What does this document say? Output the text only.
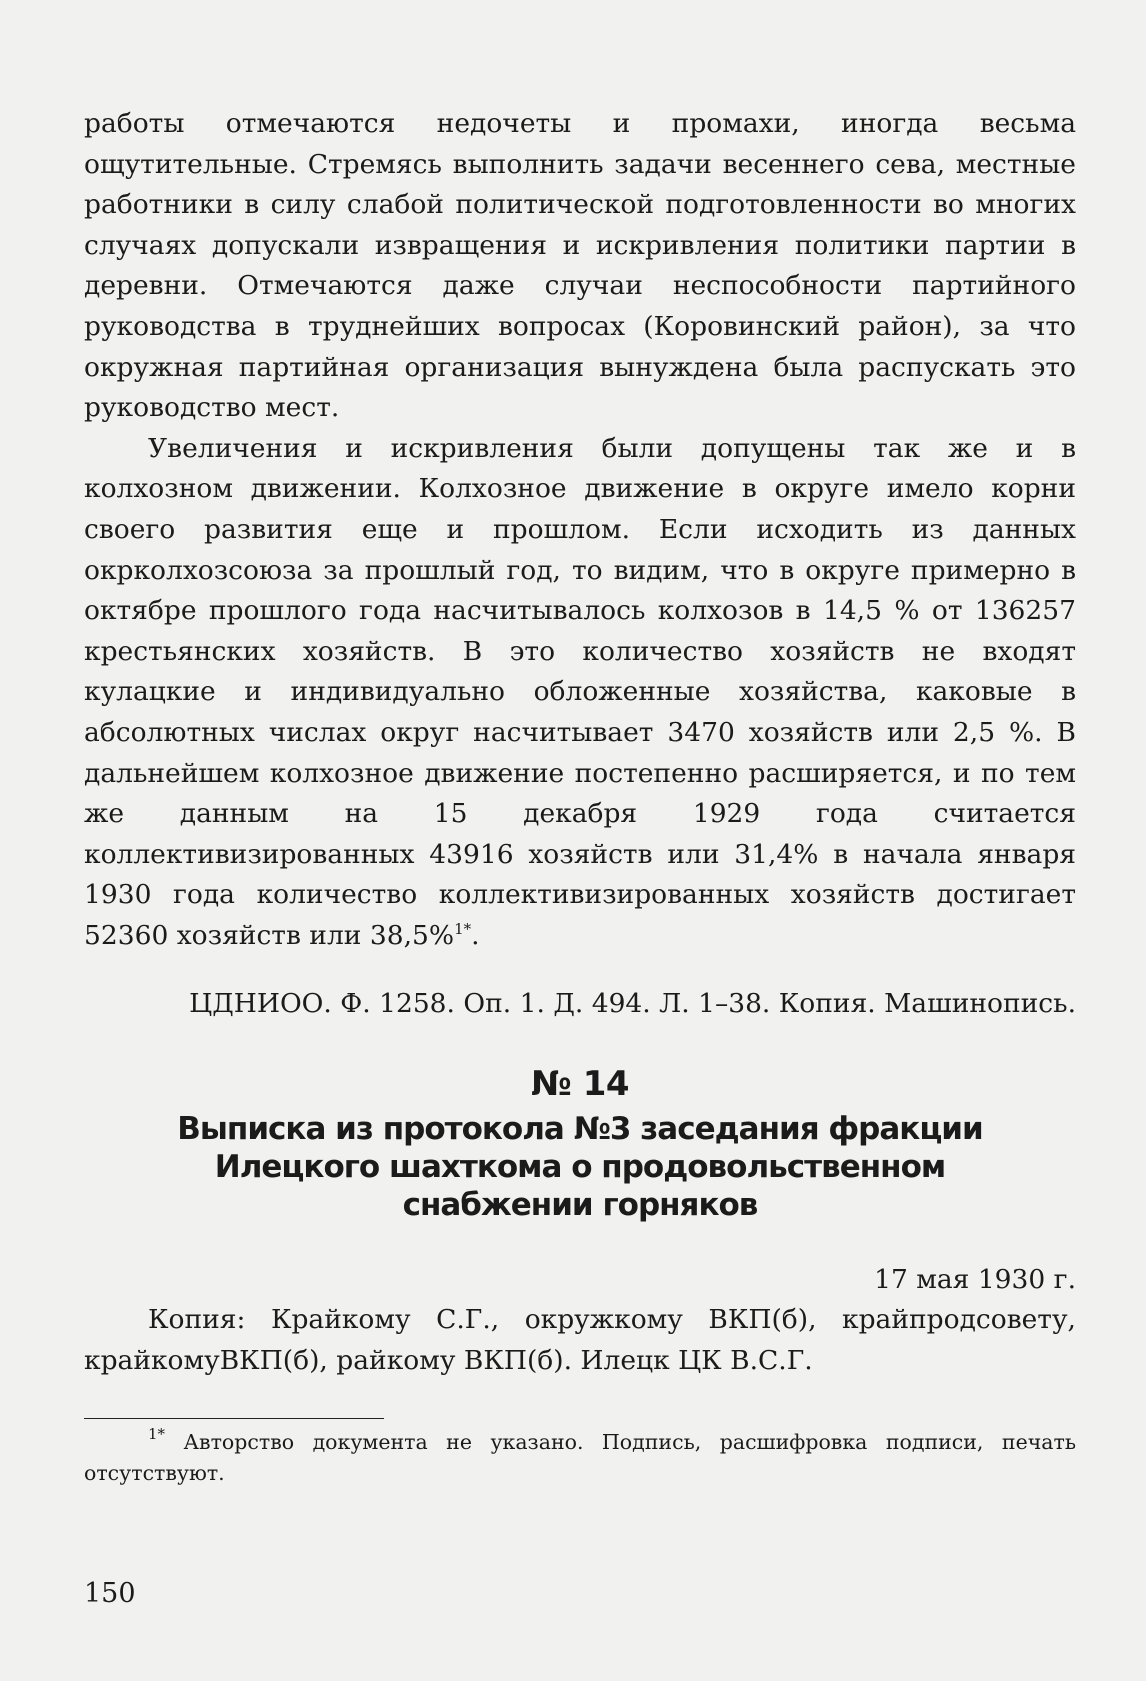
работы отмечаются недочеты и промахи, иногда весьма ощутительные. Стремясь выполнить задачи весеннего сева, местные работники в силу слабой политической подготовленности во многих случаях допускали извращения и искривления политики партии в деревни. Отмечаются даже случаи неспособности партийного руководства в труднейших вопросах (Коровинский район), за что окружная партийная организация вынуждена была распускать это руководство мест.

Увеличения и искривления были допущены так же и в колхозном движении. Колхозное движение в округе имело корни своего развития еще и прошлом. Если исходить из данных окрколхозсоюза за прошлый год, то видим, что в округе примерно в октябре прошлого года насчитывалось колхозов в 14,5 % от 136257 крестьянских хозяйств. В это количество хозяйств не входят кулацкие и индивидуально обложенные хозяйства, каковые в абсолютных числах округ насчитывает 3470 хозяйств или 2,5 %. В дальнейшем колхозное движение постепенно расширяется, и по тем же данным на 15 декабря 1929 года считается коллективизированных 43916 хозяйств или 31,4% в начала января 1930 года количество коллективизированных хозяйств достигает 52360 хозяйств или 38,5%$^{1*}$.

ЦДНИОО. Ф. 1258. Оп. 1. Д. 494. Л. 1–38. Копия. Машинопись.

№ 14
Выписка из протокола №3 заседания фракции
Илецкого шахткома о продовольственном
снабжении горняков

17 мая 1930 г.

Копия: Крайкому С.Г., окружкому ВКП(б), крайпродсовету, крайкомуВКП(б), райкому ВКП(б). Илецк ЦК В.С.Г.

$^{1*}$ Авторство документа не указано. Подпись, расшифровка подписи, печать отсутствуют.

150
